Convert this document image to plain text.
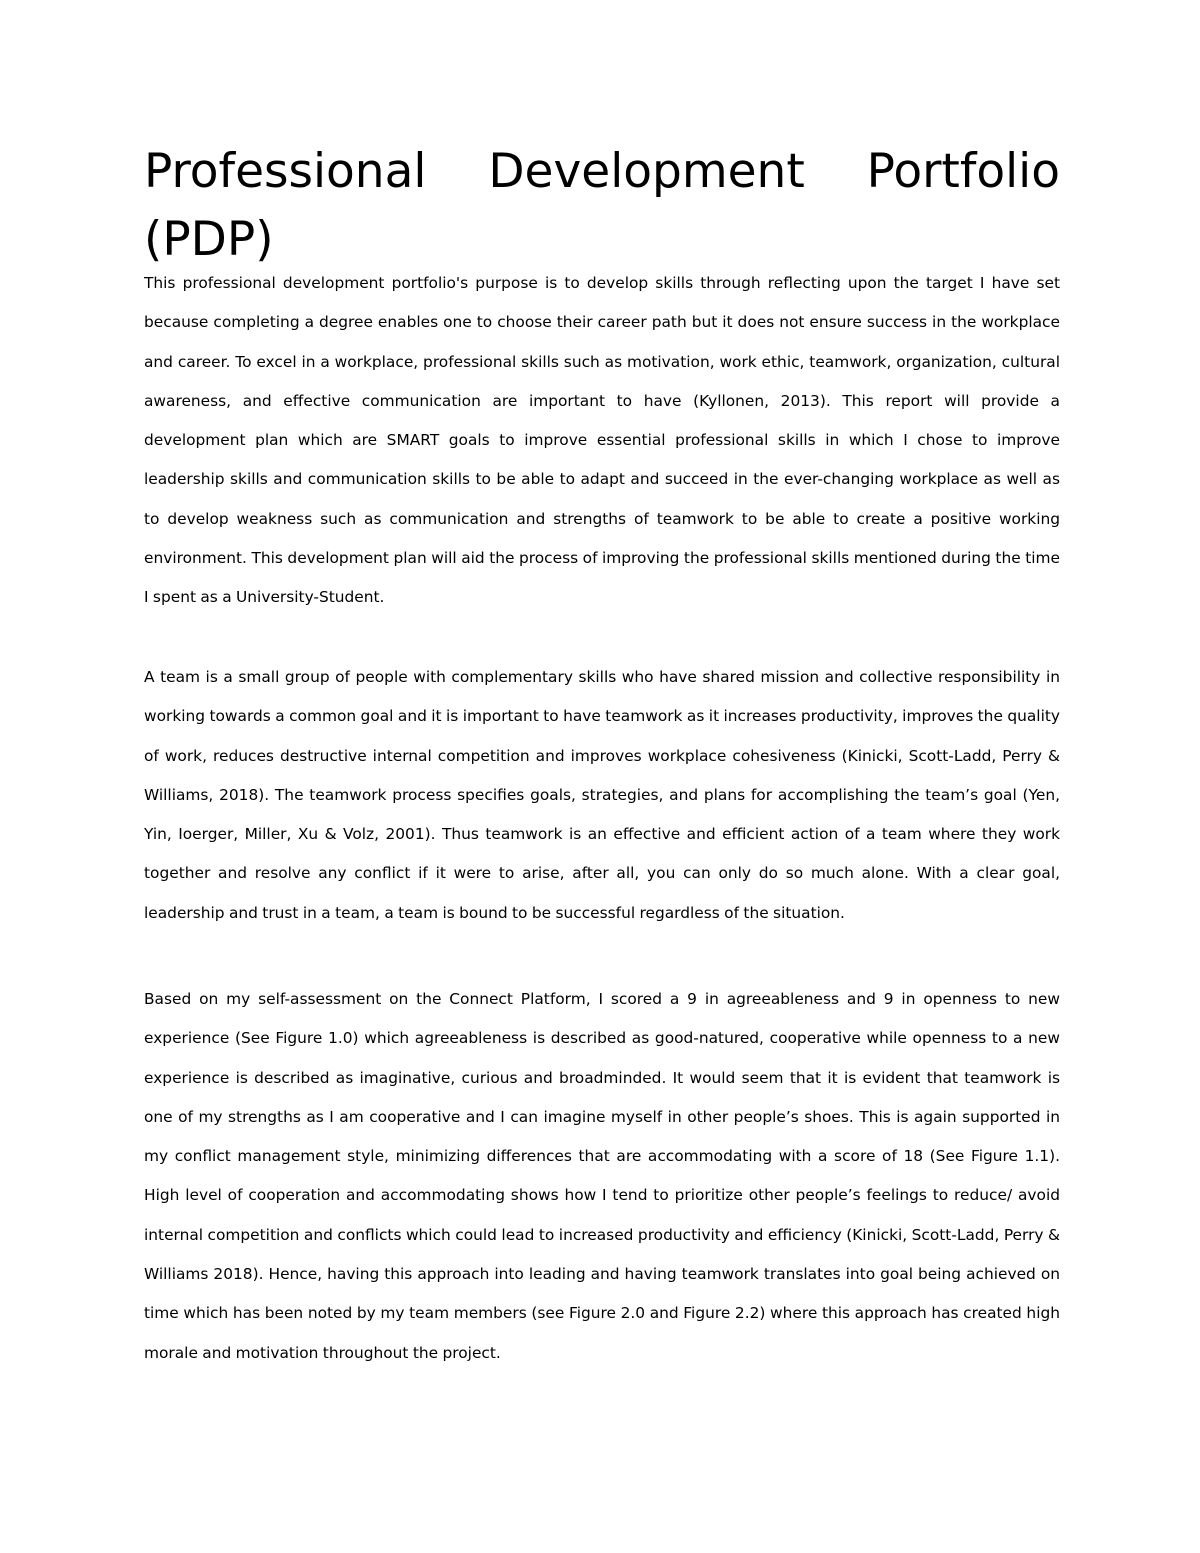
Professional Development Portfolio (PDP)

This professional development portfolio's purpose is to develop skills through reflecting upon the target I have set because completing a degree enables one to choose their career path but it does not ensure success in the workplace and career. To excel in a workplace, professional skills such as motivation, work ethic, teamwork, organization, cultural awareness, and effective communication are important to have (Kyllonen, 2013). This report will provide a development plan which are SMART goals to improve essential professional skills in which I chose to improve leadership skills and communication skills to be able to adapt and succeed in the ever-changing workplace as well as to develop weakness such as communication and strengths of teamwork to be able to create a positive working environment. This development plan will aid the process of improving the professional skills mentioned during the time I spent as a University-Student.

A team is a small group of people with complementary skills who have shared mission and collective responsibility in working towards a common goal and it is important to have teamwork as it increases productivity, improves the quality of work, reduces destructive internal competition and improves workplace cohesiveness (Kinicki, Scott-Ladd, Perry & Williams, 2018). The teamwork process specifies goals, strategies, and plans for accomplishing the team’s goal (Yen, Yin, Ioerger, Miller, Xu & Volz, 2001). Thus teamwork is an effective and efficient action of a team where they work together and resolve any conflict if it were to arise, after all, you can only do so much alone. With a clear goal, leadership and trust in a team, a team is bound to be successful regardless of the situation.

Based on my self-assessment on the Connect Platform, I scored a 9 in agreeableness and 9 in openness to new experience (See Figure 1.0) which agreeableness is described as good-natured, cooperative while openness to a new experience is described as imaginative, curious and broadminded. It would seem that it is evident that teamwork is one of my strengths as I am cooperative and I can imagine myself in other people’s shoes. This is again supported in my conflict management style, minimizing differences that are accommodating with a score of 18 (See Figure 1.1). High level of cooperation and accommodating shows how I tend to prioritize other people’s feelings to reduce/ avoid internal competition and conflicts which could lead to increased productivity and efficiency (Kinicki, Scott-Ladd, Perry & Williams 2018). Hence, having this approach into leading and having teamwork translates into goal being achieved on time which has been noted by my team members (see Figure 2.0 and Figure 2.2) where this approach has created high morale and motivation throughout the project.
